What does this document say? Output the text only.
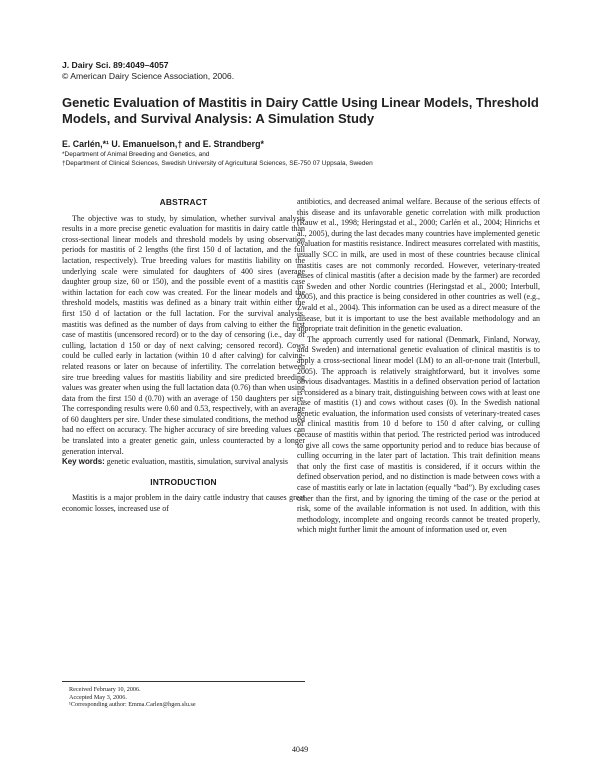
J. Dairy Sci. 89:4049–4057
© American Dairy Science Association, 2006.
Genetic Evaluation of Mastitis in Dairy Cattle Using Linear Models, Threshold Models, and Survival Analysis: A Simulation Study
E. Carlén,*¹ U. Emanuelson,† and E. Strandberg*
*Department of Animal Breeding and Genetics, and
†Department of Clinical Sciences, Swedish University of Agricultural Sciences, SE-750 07 Uppsala, Sweden
ABSTRACT

The objective was to study, by simulation, whether survival analysis results in a more precise genetic evaluation for mastitis in dairy cattle than cross-sectional linear models and threshold models by using observation periods for mastitis of 2 lengths (the first 150 d of lactation, and the full lactation, respectively). True breeding values for mastitis liability on the underlying scale were simulated for daughters of 400 sires (average daughter group size, 60 or 150), and the possible event of a mastitis case within lactation for each cow was created. For the linear models and the threshold models, mastitis was defined as a binary trait within either the first 150 d of lactation or the full lactation. For the survival analysis, mastitis was defined as the number of days from calving to either the first case of mastitis (uncensored record) or to the day of censoring (i.e., day of culling, lactation d 150 or day of next calving; censored record). Cows could be culled early in lactation (within 10 d after calving) for calving-related reasons or later on because of infertility. The correlation between sire true breeding values for mastitis liability and sire predicted breeding values was greater when using the full lactation data (0.76) than when using data from the first 150 d (0.70) with an average of 150 daughters per sire. The corresponding results were 0.60 and 0.53, respectively, with an average of 60 daughters per sire. Under these simulated conditions, the method used had no effect on accuracy. The higher accuracy of sire breeding values can be translated into a greater genetic gain, unless counteracted by a longer generation interval.

Key words: genetic evaluation, mastitis, simulation, survival analysis

INTRODUCTION

Mastitis is a major problem in the dairy cattle industry that causes great economic losses, increased use of

antibiotics, and decreased animal welfare. Because of the serious effects of this disease and its unfavorable genetic correlation with milk production (Rauw et al., 1998; Heringstad et al., 2000; Carlén et al., 2004; Hinrichs et al., 2005), during the last decades many countries have implemented genetic evaluation for mastitis resistance. Indirect measures correlated with mastitis, usually SCC in milk, are used in most of these countries because clinical mastitis cases are not commonly recorded. However, veterinary-treated cases of clinical mastitis (after a decision made by the farmer) are recorded in Sweden and other Nordic countries (Heringstad et al., 2000; Interbull, 2005), and this practice is being considered in other countries as well (e.g., Zwald et al., 2004). This information can be used as a direct measure of the disease, but it is important to use the best available methodology and an appropriate trait definition in the genetic evaluation.

The approach currently used for national (Denmark, Finland, Norway, and Sweden) and international genetic evaluation of clinical mastitis is to apply a cross-sectional linear model (LM) to an all-or-none trait (Interbull, 2005). The approach is relatively straightforward, but it involves some obvious disadvantages. Mastitis in a defined observation period of lactation is considered as a binary trait, distinguishing between cows with at least one case of mastitis (1) and cows without cases (0). In the Swedish national genetic evaluation, the information used consists of veterinary-treated cases of clinical mastitis from 10 d before to 150 d after calving, or culling because of mastitis within that period. The restricted period was introduced to give all cows the same opportunity period and to reduce bias because of culling occurring in the later part of lactation. This trait definition means that only the first case of mastitis is considered, if it occurs within the defined observation period, and no distinction is made between cows with a case of mastitis early or late in lactation (equally “bad”). By excluding cases other than the first, and by ignoring the timing of the case or the period at risk, some of the available information is not used. In addition, with this methodology, incomplete and ongoing records cannot be treated properly, which might further limit the amount of information used or, even

Received February 10, 2006.
Accepted May 3, 2006.
¹Corresponding author: Emma.Carlen@hgen.slu.se
4049
